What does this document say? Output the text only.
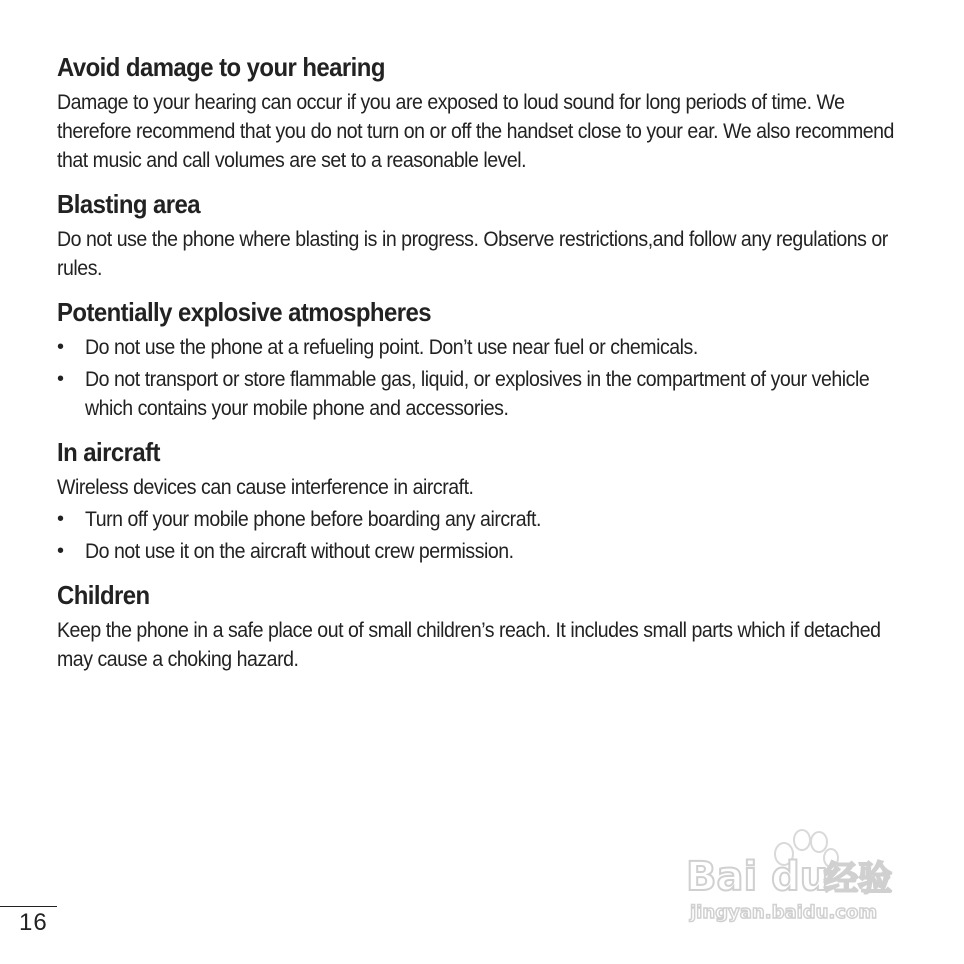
Avoid damage to your hearing

Damage to your hearing can occur if you are exposed to loud sound for long periods of time. We therefore recommend that you do not turn on or off the handset close to your ear. We also recommend that music and call volumes are set to a reasonable level.

Blasting area

Do not use the phone where blasting is in progress. Observe restrictions,and follow any regulations or rules.

Potentially explosive atmospheres
• Do not use the phone at a refueling point. Don’t use near fuel or chemicals.
• Do not transport or store flammable gas, liquid, or explosives in the compartment of your vehicle which contains your mobile phone and accessories.
In aircraft

Wireless devices can cause interference in aircraft.

• Turn off your mobile phone before boarding any aircraft.
• Do not use it on the aircraft without crew permission.
Children

Keep the phone in a safe place out of small children’s reach. It includes small parts which if detached may cause a choking hazard.

16
Bai du
经验
jingyan.baidu.com
